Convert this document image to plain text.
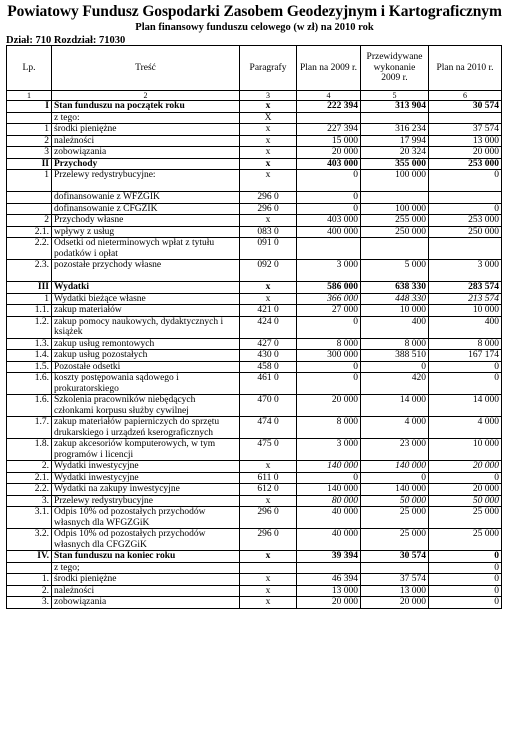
Powiatowy Fundusz Gospodarki Zasobem Geodezyjnym i Kartograficznym
Plan finansowy funduszu celowego (w zł) na 2010 rok
Dział: 710 Rozdział: 71030
Lp.	Treść	Paragrafy	Plan na 2009 r.	Przewidywane wykonanie 2009 r.	Plan na 2010 r.
1	2	3	4	5	6
I	Stan funduszu na początek roku	x	222 394	313 904	30 574
	z tego:	X			
1	środki pieniężne	x	227 394	316 234	37 574
2	należności	x	15 000	17 994	13 000
3	zobowiązania	x	20 000	20 324	20 000
II	Przychody	x	403 000	355 000	253 000
1	Przelewy redystrybucyjne:	x	0	100 000	0
	dofinansowanie z WFZGIK	296 0	0		
	dofinansowanie z CFGZIK	296 0	0	100 000	0
2	Przychody własne	x	403 000	255 000	253 000
2.1.	wpływy z usług	083 0	400 000	250 000	250 000
2.2.	Odsetki od nieterminowych wpłat z tytułu podatków i opłat	091 0			
2.3.	pozostałe przychody własne	092 0	3 000	5 000	3 000
III	Wydatki	x	586 000	638 330	283 574
1	Wydatki bieżące własne	x	366 000	448 330	213 574
1.1.	zakup materiałów	421 0	27 000	10 000	10 000
1.2.	zakup pomocy naukowych, dydaktycznych i książek	424 0	0	400	400
1.3.	zakup usług remontowych	427 0	8 000	8 000	8 000
1.4.	zakup usług pozostałych	430 0	300 000	388 510	167 174
1.5.	Pozostałe odsetki	458 0	0	0	0
1.6.	koszty postępowania sądowego i prokuratorskiego	461 0	0	420	0
1.6.	Szkolenia pracowników niebędących członkami korpusu służby cywilnej	470 0	20 000	14 000	14 000
1.7.	zakup materiałów papierniczych do sprzętu drukarskiego i urządzeń kserograficznych	474 0	8 000	4 000	4 000
1.8.	zakup akcesoriów komputerowych, w tym programów i licencji	475 0	3 000	23 000	10 000
2.	Wydatki inwestycyjne	x	140 000	140 000	20 000
2.1.	Wydatki inwestycyjne	611 0	0	0	0
2.2.	Wydatki na zakupy inwestycyjne	612 0	140 000	140 000	20 000
3.	Przelewy redystrybucyjne	x	80 000	50 000	50 000
3.1.	Odpis 10% od pozostałych przychodów własnych dla WFGZGiK	296 0	40 000	25 000	25 000
3.2.	Odpis 10% od pozostałych przychodów własnych dla CFGZGiK	296 0	40 000	25 000	25 000
IV.	Stan funduszu na koniec roku	x	39 394	30 574	0
	z tego;				0
1.	środki pieniężne	x	46 394	37 574	0
2.	należności	x	13 000	13 000	0
3.	zobowiązania	x	20 000	20 000	0
